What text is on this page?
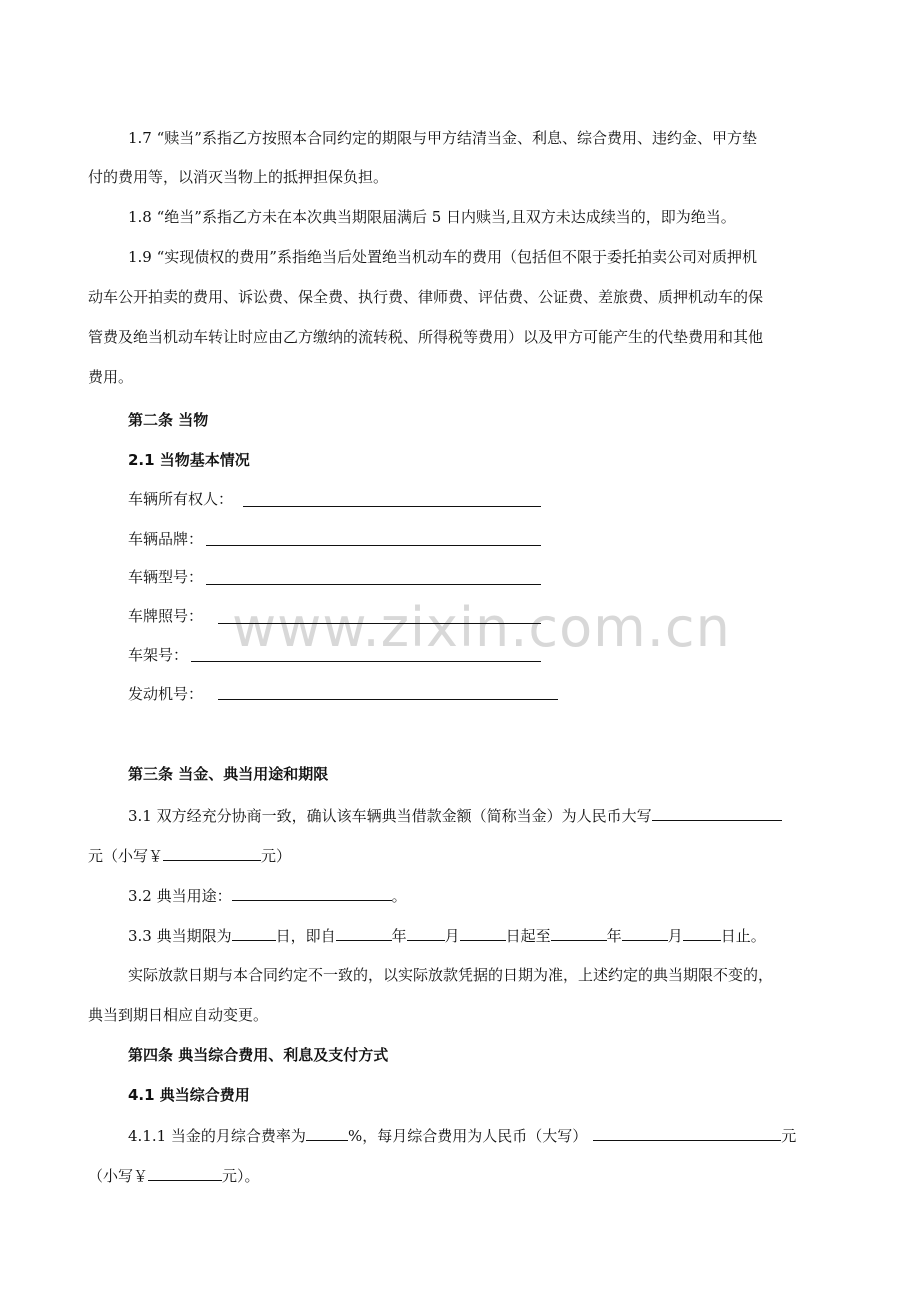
www.zixin.com.cn
1.7 “赎当”系指乙方按照本合同约定的期限与甲方结清当金、利息、综合费用、违约金、甲方垫
付的费用等，以消灭当物上的抵押担保负担。
1.8 “绝当”系指乙方未在本次典当期限届满后 5 日内赎当,且双方未达成续当的，即为绝当。
1.9 “实现债权的费用”系指绝当后处置绝当机动车的费用（包括但不限于委托拍卖公司对质押机
动车公开拍卖的费用、诉讼费、保全费、执行费、律师费、评估费、公证费、差旅费、质押机动车的保
管费及绝当机动车转让时应由乙方缴纳的流转税、所得税等费用）以及甲方可能产生的代垫费用和其他
费用。
第二条 当物
2.1 当物基本情况
车辆所有权人：
车辆品牌：
车辆型号：
车牌照号：
车架号：
发动机号：
第三条 当金、典当用途和期限
3.1 双方经充分协商一致，确认该车辆典当借款金额（简称当金）为人民币大写
元（小写￥	元）
3.2 典当用途：	。
3.3 典当期限为	日，即自	年	月	日起至	年	月	日止。
实际放款日期与本合同约定不一致的，以实际放款凭据的日期为准，上述约定的典当期限不变的，
典当到期日相应自动变更。
第四条 典当综合费用、利息及支付方式
4.1 典当综合费用
4.1.1 当金的月综合费率为	%，每月综合费用为人民币（大写）	元
（小写￥	元）。
